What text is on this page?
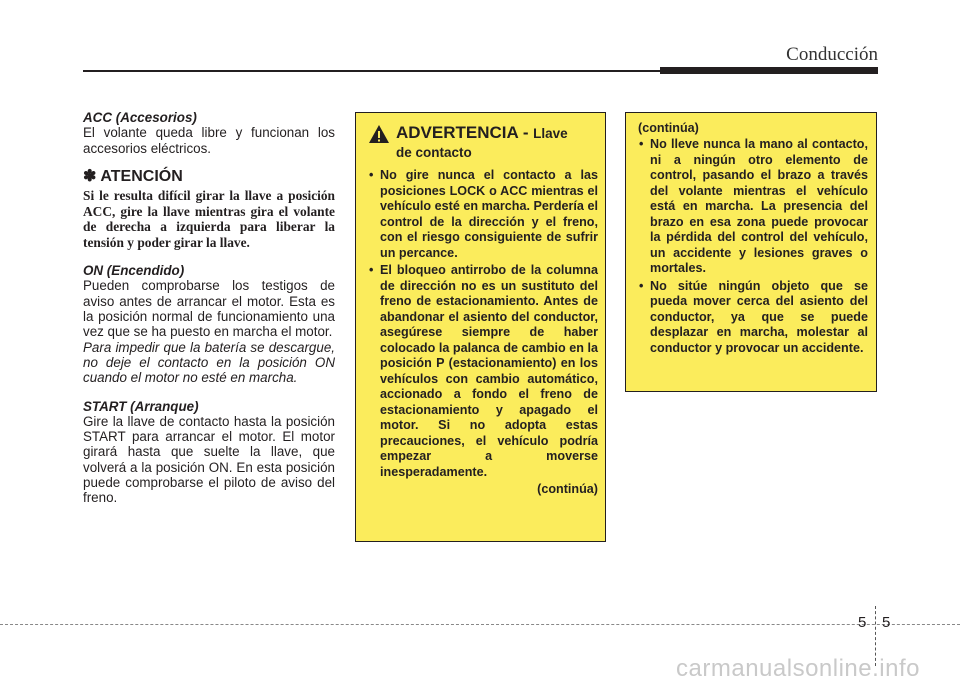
Conducción

ACC (Accesorios)

El volante queda libre y funcionan los accesorios eléctricos.

✽ ATENCIÓN

Si le resulta difícil girar la llave a posición ACC, gire la llave mientras gira el volante de derecha a izquierda para liberar la tensión y poder girar la llave.

ON (Encendido)

Pueden comprobarse los testigos de aviso antes de arrancar el motor. Esta es la posición normal de funcionamiento una vez que se ha puesto en marcha el motor.

Para impedir que la batería se descargue, no deje el contacto en la posición ON cuando el motor no esté en marcha.

START (Arranque)

Gire la llave de contacto hasta la posición START para arrancar el motor. El motor girará hasta que suelte la llave, que volverá a la posición ON. En esta posición puede comprobarse el piloto de aviso del freno.

ADVERTENCIA - Llave
de contacto
• No gire nunca el contacto a las posiciones LOCK o ACC mientras el vehículo esté en marcha. Perdería el control de la dirección y el freno, con el riesgo consiguiente de sufrir un percance.
• El bloqueo antirrobo de la columna de dirección no es un sustituto del freno de estacionamiento. Antes de abandonar el asiento del conductor, asegúrese siempre de haber colocado la palanca de cambio en la posición P (estacionamiento) en los vehículos con cambio automático, accionado a fondo el freno de estacionamiento y apagado el motor. Si no adopta estas precauciones, el vehículo podría empezar a moverse inesperadamente.
(continúa)
(continúa)
• No lleve nunca la mano al contacto, ni a ningún otro elemento de control, pasando el brazo a través del volante mientras el vehículo está en marcha. La presencia del brazo en esa zona puede provocar la pérdida del control del vehículo, un accidente y lesiones graves o mortales.
• No sitúe ningún objeto que se pueda mover cerca del asiento del conductor, ya que se puede desplazar en marcha, molestar al conductor y provocar un accidente.
5 5
carmanualsonline.info
